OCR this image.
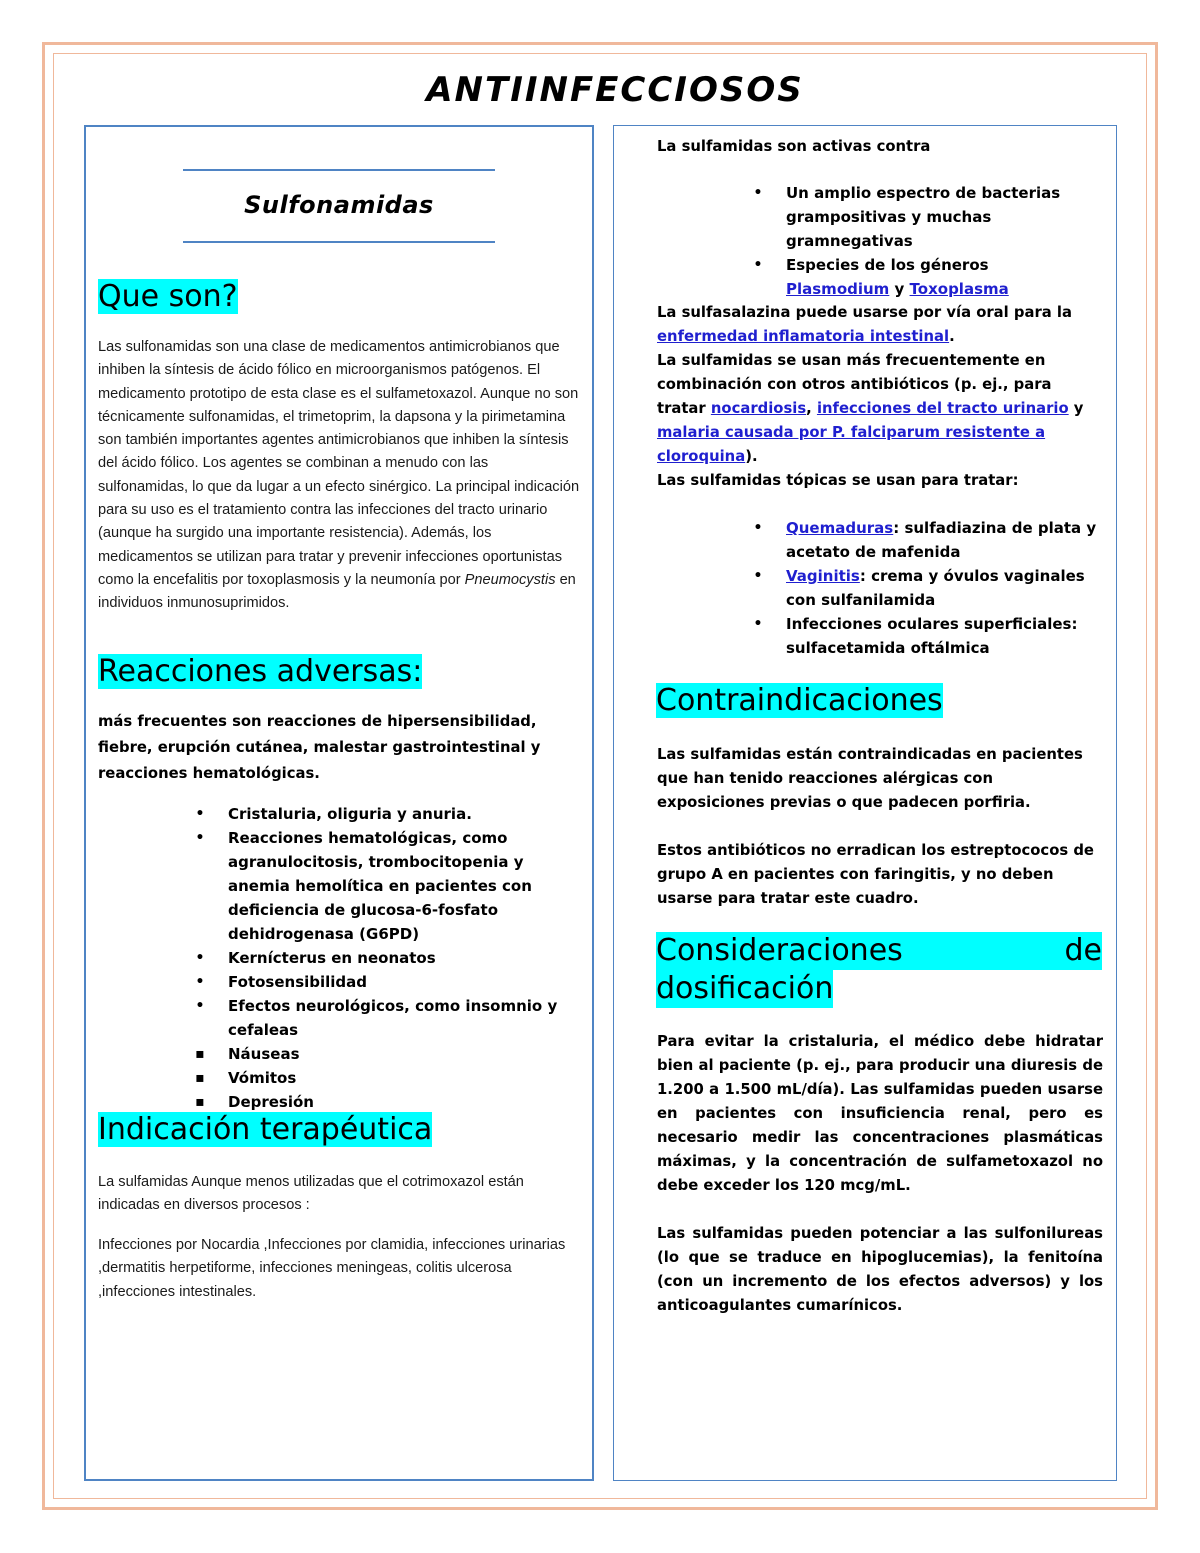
ANTIINFECCIOSOS
Sulfonamidas
Que son?

Las sulfonamidas son una clase de medicamentos antimicrobianos que inhiben la síntesis de ácido fólico en microorganismos patógenos. El medicamento prototipo de esta clase es el sulfametoxazol. Aunque no son técnicamente sulfonamidas, el trimetoprim, la dapsona y la pirimetamina son también importantes agentes antimicrobianos que inhiben la síntesis del ácido fólico. Los agentes se combinan a menudo con las sulfonamidas, lo que da lugar a un efecto sinérgico. La principal indicación para su uso es el tratamiento contra las infecciones del tracto urinario (aunque ha surgido una importante resistencia). Además, los medicamentos se utilizan para tratar y prevenir infecciones oportunistas como la encefalitis por toxoplasmosis y la neumonía por Pneumocystis en individuos inmunosuprimidos.

Reacciones adversas:

más frecuentes son reacciones de hipersensibilidad, fiebre, erupción cutánea, malestar gastrointestinal y reacciones hematológicas.

• Cristaluria, oliguria y anuria.
• Reacciones hematológicas, como agranulocitosis, trombocitopenia y anemia hemolítica en pacientes con deficiencia de glucosa-6-fosfato dehidrogenasa (G6PD)
• Kernícterus en neonatos
• Fotosensibilidad
• Efectos neurológicos, como insomnio y cefaleas
▪ Náuseas
▪ Vómitos
▪ Depresión
Indicación terapéutica

La sulfamidas Aunque menos utilizadas que el cotrimoxazol están indicadas en diversos procesos :

Infecciones por Nocardia ,Infecciones por clamidia, infecciones urinarias ,dermatitis herpetiforme, infecciones meningeas, colitis ulcerosa ,infecciones intestinales.

La sulfamidas son activas contra

• Un amplio espectro de bacterias grampositivas y muchas gramnegativas
• Especies de los géneros Plasmodium y Toxoplasma

La sulfasalazina puede usarse por vía oral para la enfermedad inflamatoria intestinal.

La sulfamidas se usan más frecuentemente en combinación con otros antibióticos (p. ej., para tratar nocardiosis, infecciones del tracto urinario y malaria causada por P. falciparum resistente a cloroquina).

Las sulfamidas tópicas se usan para tratar:

• Quemaduras: sulfadiazina de plata y acetato de mafenida
• Vaginitis: crema y óvulos vaginales con sulfanilamida
• Infecciones oculares superficiales: sulfacetamida oftálmica
Contraindicaciones

Las sulfamidas están contraindicadas en pacientes que han tenido reacciones alérgicas con exposiciones previas o que padecen porfiria.

Estos antibióticos no erradican los estreptococos de grupo A en pacientes con faringitis, y no deben usarse para tratar este cuadro.

Consideraciones	de
dosificación

Para evitar la cristaluria, el médico debe hidratar bien al paciente (p. ej., para producir una diuresis de 1.200 a 1.500 mL/día). Las sulfamidas pueden usarse en pacientes con insuficiencia renal, pero es necesario medir las concentraciones plasmáticas máximas, y la concentración de sulfametoxazol no debe exceder los 120 mcg/mL.

Las sulfamidas pueden potenciar a las sulfonilureas (lo que se traduce en hipoglucemias), la fenitoína (con un incremento de los efectos adversos) y los anticoagulantes cumarínicos.
